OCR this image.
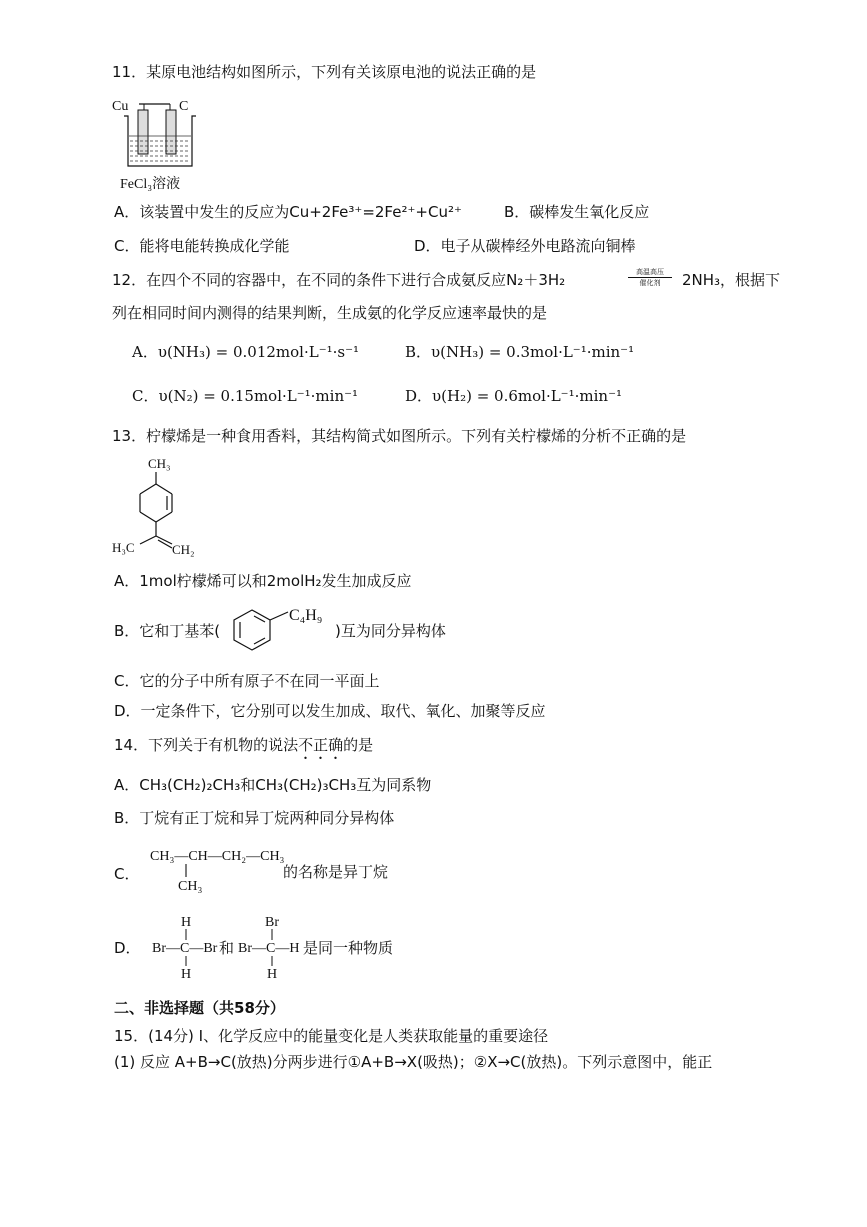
11．某原电池结构如图所示，下列有关该原电池的说法正确的是
Cu	C
FeCl₃溶液
A．该装置中发生的反应为Cu+2Fe³⁺=2Fe²⁺+Cu²⁺	B．碳棒发生氧化反应
C．能将电能转换成化学能	D．电子从碳棒经外电路流向铜棒
12．在四个不同的容器中，在不同的条件下进行合成氨反应N₂＋3H₂	高温高压
催化剂	2NH₃，根据下
列在相同时间内测得的结果判断，生成氨的化学反应速率最快的是
A．υ(NH₃) = 0.012mol·L⁻¹·s⁻¹	B．υ(NH₃) = 0.3mol·L⁻¹·min⁻¹
C．υ(N₂) = 0.15mol·L⁻¹·min⁻¹	D．υ(H₂) = 0.6mol·L⁻¹·min⁻¹
13．柠檬烯是一种食用香料，其结构简式如图所示。下列有关柠檬烯的分析不正确的是
CH₃
H₃C	CH₂
A．1mol柠檬烯可以和2molH₂发生加成反应
B．它和丁基苯(
C₄H₉
)互为同分异构体
C．它的分子中所有原子不在同一平面上
D．一定条件下，它分别可以发生加成、取代、氧化、加聚等反应
14．下列关于有机物的说法不正确的是
A．CH₃(CH₂)₂CH₃和CH₃(CH₂)₃CH₃互为同系物
B．丁烷有正丁烷和异丁烷两种同分异构体
C．
CH₃—CH—CH₂—CH₃
CH₃
的名称是异丁烷
D．
H
Br—C—Br
H
和
Br
Br—C—H
H
是同一种物质
二、非选择题（共58分）
15．(14分) I、化学反应中的能量变化是人类获取能量的重要途径
(1) 反应 A+B→C(放热)分两步进行①A+B→X(吸热)；②X→C(放热)。下列示意图中，能正
